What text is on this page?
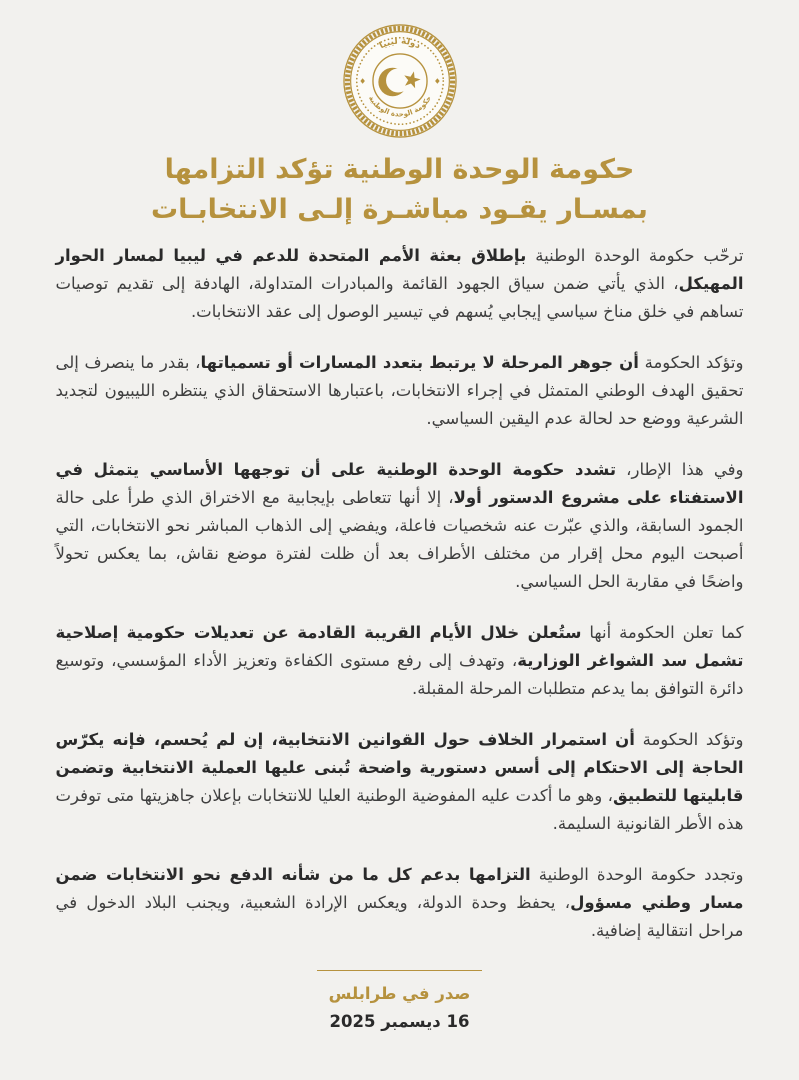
دولة ليبيا
حكومة الوحدة الوطنية
حكومة الوحدة الوطنية تؤكد التزامها
بمسـار يقـود مباشـرة إلـى الانتخابـات

ترحّب حكومة الوحدة الوطنية بإطلاق بعثة الأمم المتحدة للدعم في ليبيا لمسار الحوار المهيكل، الذي يأتي ضمن سياق الجهود القائمة والمبادرات المتداولة، الهادفة إلى تقديم توصيات تساهم في خلق مناخ سياسي إيجابي يُسهم في تيسير الوصول إلى عقد الانتخابات.

وتؤكد الحكومة أن جوهر المرحلة لا يرتبط بتعدد المسارات أو تسمياتها، بقدر ما ينصرف إلى تحقيق الهدف الوطني المتمثل في إجراء الانتخابات، باعتبارها الاستحقاق الذي ينتظره الليبيون لتجديد الشرعية ووضع حد لحالة عدم اليقين السياسي.

وفي هذا الإطار، تشدد حكومة الوحدة الوطنية على أن توجهها الأساسي يتمثل في الاستفتاء على مشروع الدستور أولا، إلا أنها تتعاطى بإيجابية مع الاختراق الذي طرأ على حالة الجمود السابقة، والذي عبّرت عنه شخصيات فاعلة، ويفضي إلى الذهاب المباشر نحو الانتخابات، التي أصبحت اليوم محل إقرار من مختلف الأطراف بعد أن ظلت لفترة موضع نقاش، بما يعكس تحولاً واضحًا في مقاربة الحل السياسي.

كما تعلن الحكومة أنها ستُعلن خلال الأيام القريبة القادمة عن تعديلات حكومية إصلاحية تشمل سد الشواغر الوزارية، وتهدف إلى رفع مستوى الكفاءة وتعزيز الأداء المؤسسي، وتوسيع دائرة التوافق بما يدعم متطلبات المرحلة المقبلة.

وتؤكد الحكومة أن استمرار الخلاف حول القوانين الانتخابية، إن لم يُحسم، فإنه يكرّس الحاجة إلى الاحتكام إلى أسس دستورية واضحة تُبنى عليها العملية الانتخابية وتضمن قابليتها للتطبيق، وهو ما أكدت عليه المفوضية الوطنية العليا للانتخابات بإعلان جاهزيتها متى توفرت هذه الأطر القانونية السليمة.

وتجدد حكومة الوحدة الوطنية التزامها بدعم كل ما من شأنه الدفع نحو الانتخابات ضمن مسار وطني مسؤول، يحفظ وحدة الدولة، ويعكس الإرادة الشعبية، ويجنب البلاد الدخول في مراحل انتقالية إضافية.

صدر في طرابلس
16 ديسمبر 2025
